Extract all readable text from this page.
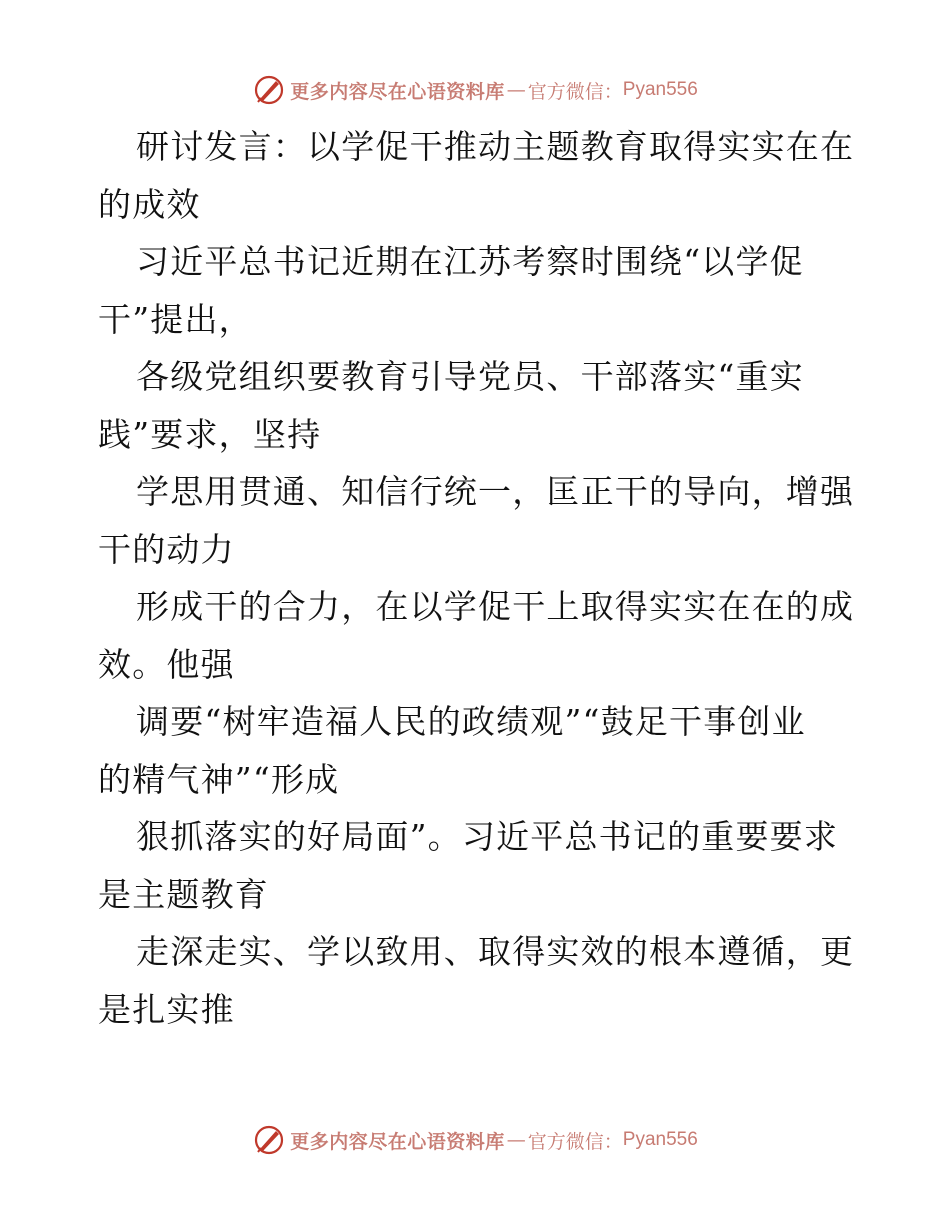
更多内容尽在心语资料库 — 官方微信 ： Pyan556
研讨发言：以学促干推动主题教育取得实实在在
的成效
习近平总书记近期在江苏考察时围绕“以学促
干”提出，
各级党组织要教育引导党员、干部落实“重实
践”要求，坚持
学思用贯通、知信行统一，匡正干的导向，增强
干的动力
形成干的合力，在以学促干上取得实实在在的成
效。他强
调要“树牢造福人民的政绩观”“鼓足干事创业
的精气神”“形成
狠抓落实的好局面”。习近平总书记的重要要求
是主题教育
走深走实、学以致用、取得实效的根本遵循，更
是扎实推
更多内容尽在心语资料库 — 官方微信 ： Pyan556
